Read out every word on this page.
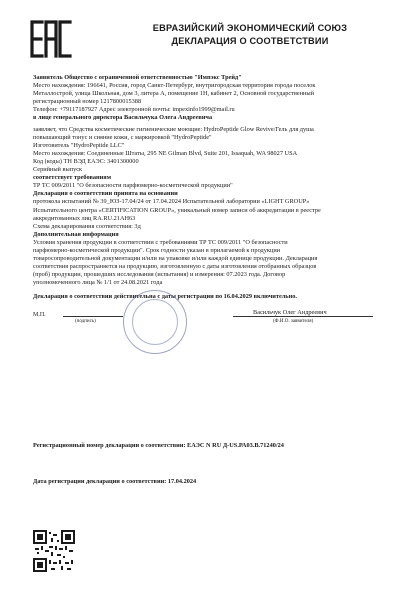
ЕВРАЗИЙСКИЙ ЭКОНОМИЧЕСКИЙ СОЮЗ
ДЕКЛАРАЦИЯ О СООТВЕТСТВИИ
Заявитель Общество с ограниченной ответственностью "Импэкс Трейд"
Место нахождения: 196641, Россия, город Санкт-Петербург, внутригородская территория города поселок
Металлострой, улица Школьная, дом 3, литера А, помещение 1Н, кабинет 2, Основной государственный
регистрационный номер 1217800015388
Телефон: +79117187927 Адрес электронной почты: impexinfo1999@mail.ru
в лице генерального директора Васильчука Олега Андреевича
заявляет, что Средства косметические гигиенические моющие: HydroPeptide Glow Revive/Гель для душа
повышающий тонус и сияние кожи, с маркировкой "HydroPeptide"
Изготовитель "HydroPeptide LLC"
Место нахождения: Соединенные Штаты, 295 NE Gilman Blvd, Suite 201, Issaquah, WA 98027 USA
Код (коды) ТН ВЭД ЕАЭС: 3401300000
Серийный выпуск
соответствует требованиям
ТР ТС 009/2011 "О безопасности парфюмерно-косметической продукции"
Декларация о соответствии принята на основании
протокола испытаний № 39_ЮЗ-17.04/24 от 17.04.2024 Испытательной лаборатории «LIGHT GROUP»
Испытательного центра «CERTIFICATION GROUP», уникальный номер записи об аккредитации в реестре
аккредитованных лиц RA.RU.21AH63
Схема декларирования соответствия: 3д
Дополнительная информация
Условия хранения продукции в соответствии с требованиями ТР ТС 009/2011 "О безопасности
парфюмерно-косметической продукции". Срок годности указан в прилагаемой к продукции
товаросопроводительной документации и/или на упаковке и/или каждой единице продукции. Декларация
соответствия распространяется на продукцию, изготовленную с даты изготовления отобранных образцов
(проб) продукции, прошедших исследования (испытания) и измерения: 07.2023 года. Договор
уполномоченного лица № 1/1 от 24.08.2021 года
Декларация о соответствии действительна с даты регистрации по 16.04.2029 включительно.
М.П.
(подпись)
Васильчук Олег Андреевич
(Ф.И.О. заявителя)
Регистрационный номер декларации о соответствии: ЕАЭС N RU Д-US.РА03.В.71240/24
Дата регистрации декларации о соответствии: 17.04.2024
